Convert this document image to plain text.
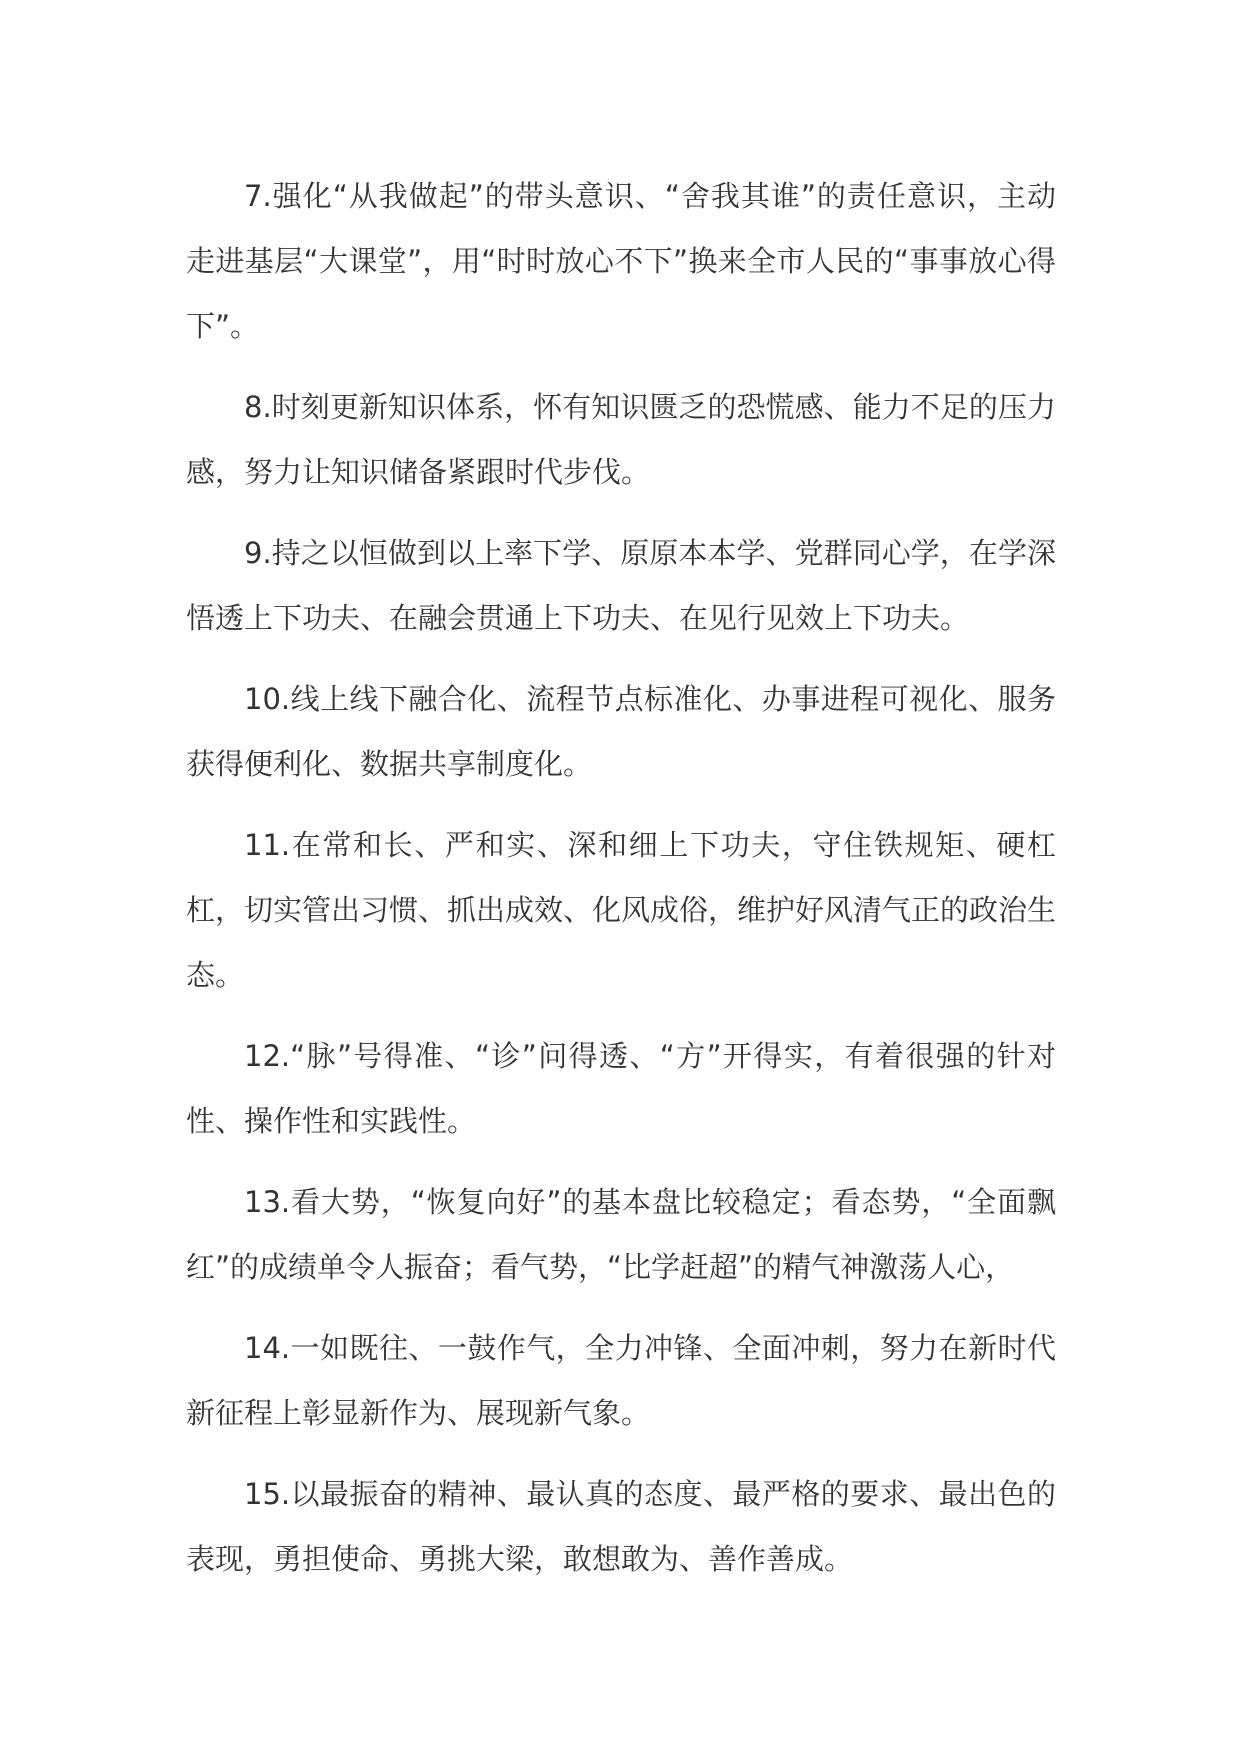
7.强化“从我做起”的带头意识、“舍我其谁”的责任意识，主动走进基层“大课堂”，用“时时放心不下”换来全市人民的“事事放心得下”。

8.时刻更新知识体系，怀有知识匮乏的恐慌感、能力不足的压力感，努力让知识储备紧跟时代步伐。

9.持之以恒做到以上率下学、原原本本学、党群同心学，在学深悟透上下功夫、在融会贯通上下功夫、在见行见效上下功夫。

10.线上线下融合化、流程节点标准化、办事进程可视化、服务获得便利化、数据共享制度化。

11.在常和长、严和实、深和细上下功夫，守住铁规矩、硬杠杠，切实管出习惯、抓出成效、化风成俗，维护好风清气正的政治生态。

12.“脉”号得准、“诊”问得透、“方”开得实，有着很强的针对性、操作性和实践性。

13.看大势，“恢复向好”的基本盘比较稳定；看态势，“全面飘红”的成绩单令人振奋；看气势，“比学赶超”的精气神激荡人心，

14.一如既往、一鼓作气，全力冲锋、全面冲刺，努力在新时代新征程上彰显新作为、展现新气象。

15.以最振奋的精神、最认真的态度、最严格的要求、最出色的表现，勇担使命、勇挑大梁，敢想敢为、善作善成。
